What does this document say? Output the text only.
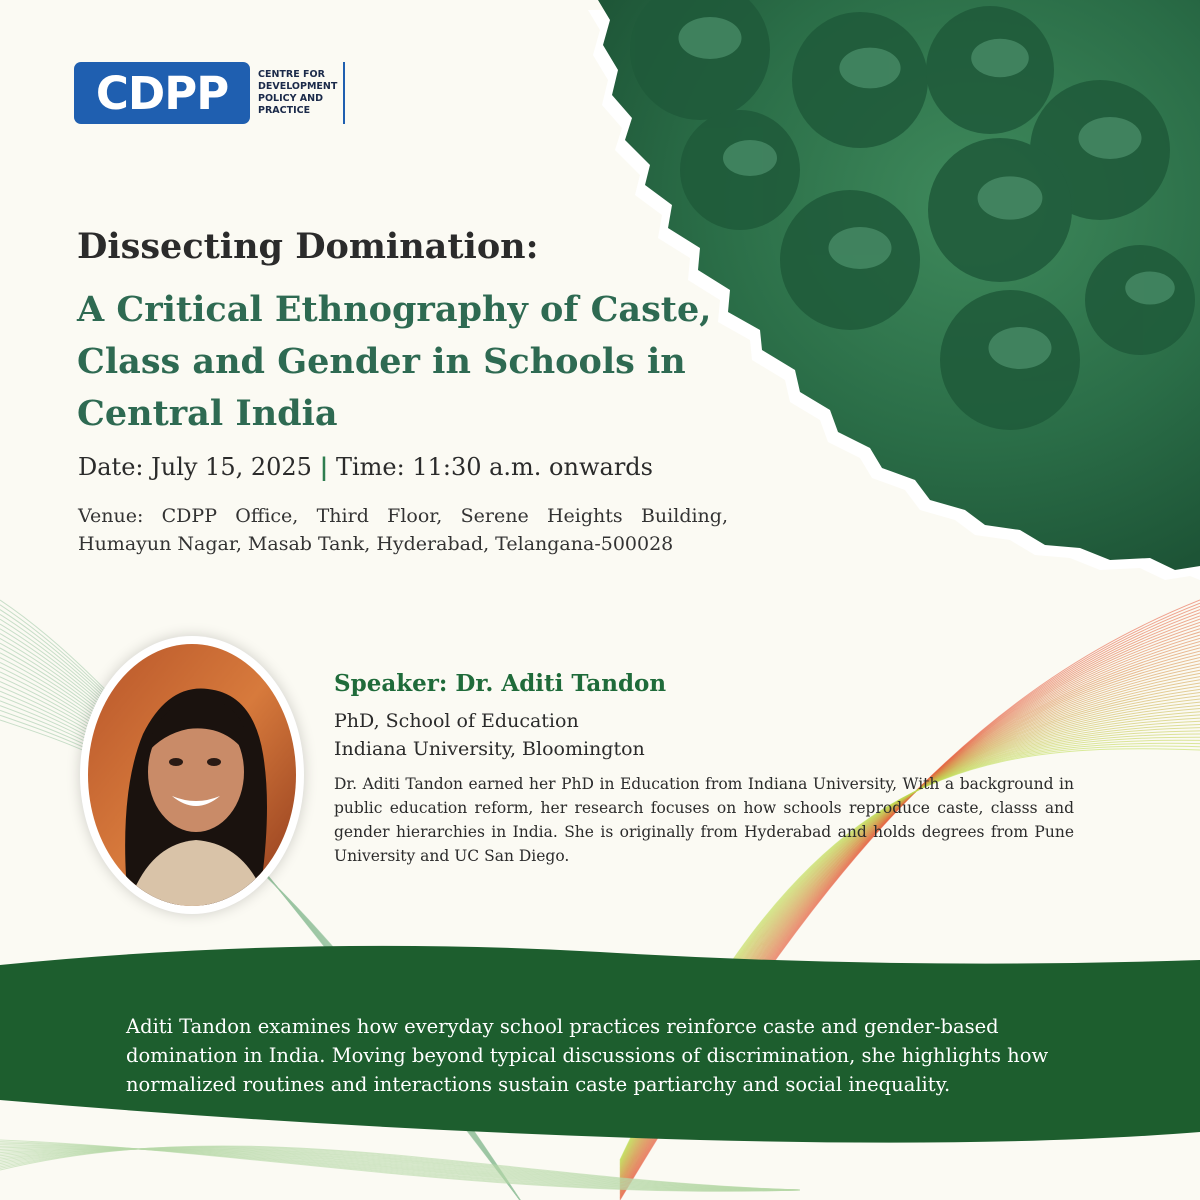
CDPP	CENTRE FOR DEVELOPMENT POLICY AND PRACTICE
Dissecting Domination:
A Critical Ethnography of Caste, Class and Gender in Schools in Central India
Date: July 15, 2025 | Time: 11:30 a.m. onwards
Venue: CDPP Office, Third Floor, Serene Heights Building, Humayun Nagar, Masab Tank, Hyderabad, Telangana-500028
Speaker: Dr. Aditi Tandon
PhD, School of Education
Indiana University, Bloomington
Dr. Aditi Tandon earned her PhD in Education from Indiana University, With a background in public education reform, her research focuses on how schools reproduce caste, classs and gender hierarchies in India. She is originally from Hyderabad and holds degrees from Pune University and UC San Diego.
Aditi Tandon examines how everyday school practices reinforce caste and gender-based domination in India. Moving beyond typical discussions of discrimination, she highlights how normalized routines and interactions sustain caste partiarchy and social inequality.
